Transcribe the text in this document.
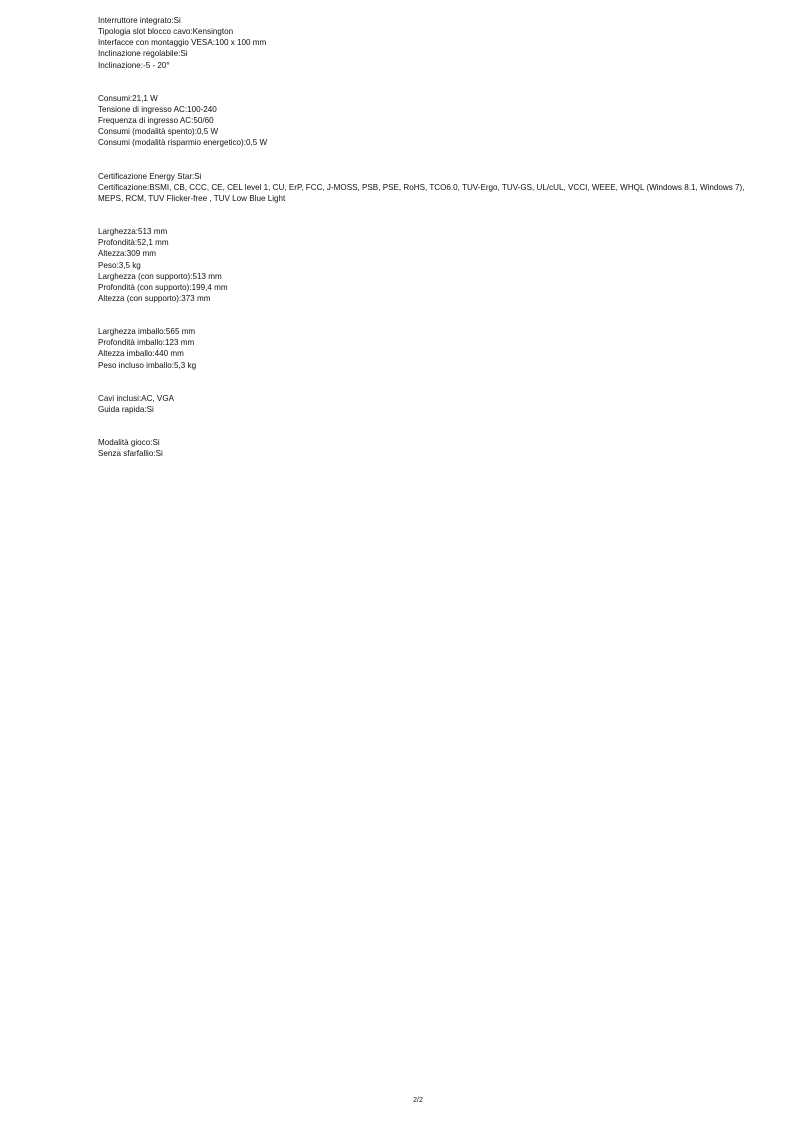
Interruttore integrato:Si
Tipologia slot blocco cavo:Kensington
Interfacce con montaggio VESA:100 x 100 mm
Inclinazione regolabile:Si
Inclinazione:-5 - 20°
Consumi:21,1 W
Tensione di ingresso AC:100-240
Frequenza di ingresso AC:50/60
Consumi (modalità spento):0,5 W
Consumi (modalità risparmio energetico):0,5 W
Certificazione Energy Star:Si
Certificazione:BSMI, CB, CCC, CE, CEL level 1, CU, ErP, FCC, J-MOSS, PSB, PSE, RoHS, TCO6.0, TUV-Ergo, TUV-GS, UL/cUL, VCCI, WEEE, WHQL (Windows 8.1, Windows 7), MEPS, RCM, TUV Flicker-free , TUV Low Blue Light
Larghezza:513 mm
Profondità:52,1 mm
Altezza:309 mm
Peso:3,5 kg
Larghezza (con supporto):513 mm
Profondità (con supporto):199,4 mm
Altezza (con supporto):373 mm
Larghezza imballo:565 mm
Profondità imballo:123 mm
Altezza imballo:440 mm
Peso incluso imballo:5,3 kg
Cavi inclusi:AC, VGA
Guida rapida:Si
Modalità gioco:Si
Senza sfarfallio:Si
2/2
